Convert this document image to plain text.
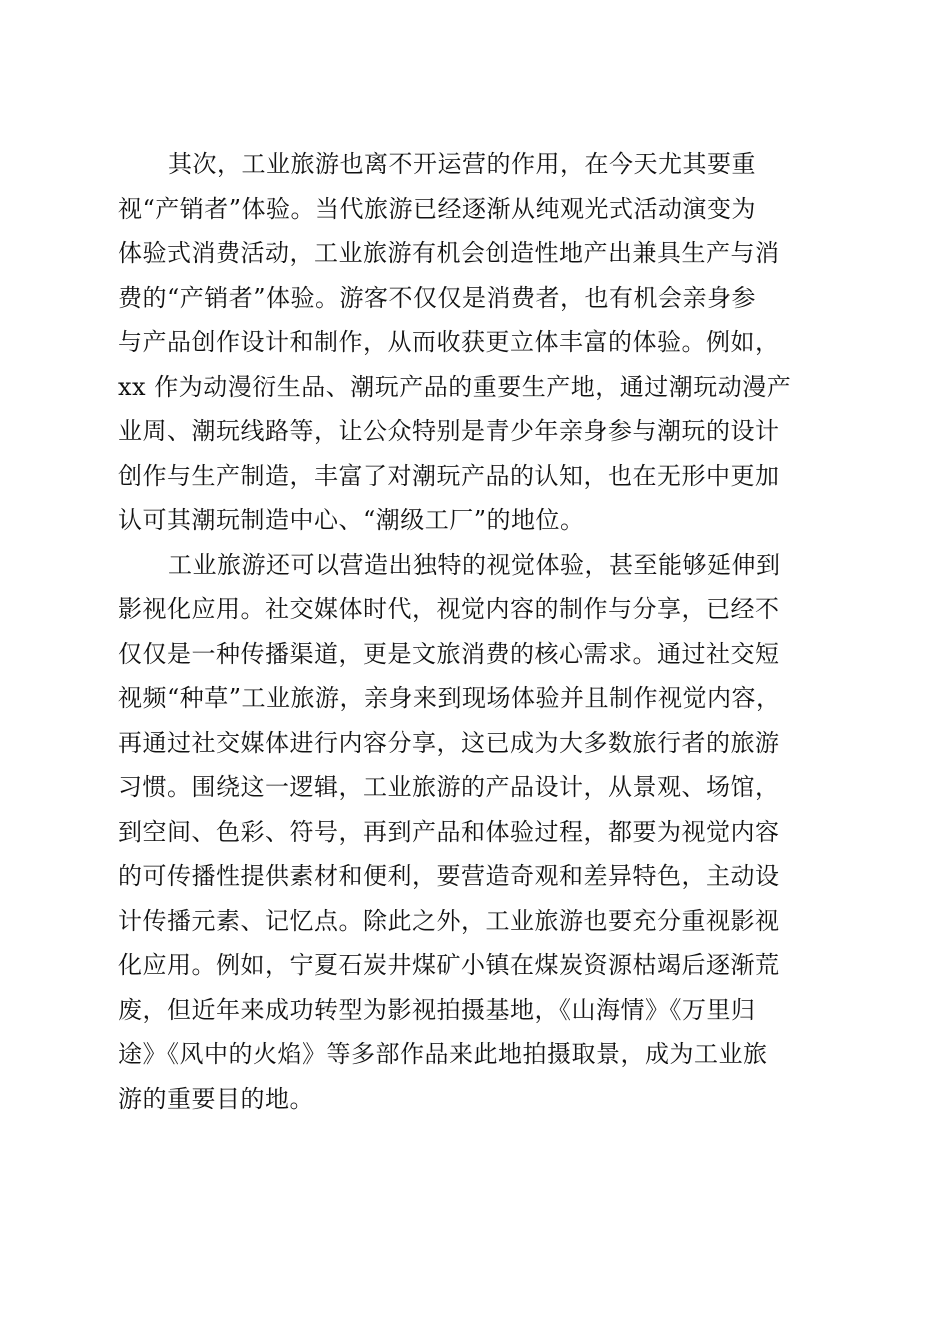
其次，工业旅游也离不开运营的作用，在今天尤其要重
视“产销者”体验。当代旅游已经逐渐从纯观光式活动演变为
体验式消费活动，工业旅游有机会创造性地产出兼具生产与消
费的“产销者”体验。游客不仅仅是消费者，也有机会亲身参
与产品创作设计和制作，从而收获更立体丰富的体验。例如，
xx 作为动漫衍生品、潮玩产品的重要生产地，通过潮玩动漫产
业周、潮玩线路等，让公众特别是青少年亲身参与潮玩的设计
创作与生产制造，丰富了对潮玩产品的认知，也在无形中更加
认可其潮玩制造中心、“潮级工厂”的地位。

工业旅游还可以营造出独特的视觉体验，甚至能够延伸到
影视化应用。社交媒体时代，视觉内容的制作与分享，已经不
仅仅是一种传播渠道，更是文旅消费的核心需求。通过社交短
视频“种草”工业旅游，亲身来到现场体验并且制作视觉内容，
再通过社交媒体进行内容分享，这已成为大多数旅行者的旅游
习惯。围绕这一逻辑，工业旅游的产品设计，从景观、场馆，
到空间、色彩、符号，再到产品和体验过程，都要为视觉内容
的可传播性提供素材和便利，要营造奇观和差异特色，主动设
计传播元素、记忆点。除此之外，工业旅游也要充分重视影视
化应用。例如，宁夏石炭井煤矿小镇在煤炭资源枯竭后逐渐荒
废，但近年来成功转型为影视拍摄基地，《山海情》《万里归
途》《风中的火焰》等多部作品来此地拍摄取景，成为工业旅
游的重要目的地。
